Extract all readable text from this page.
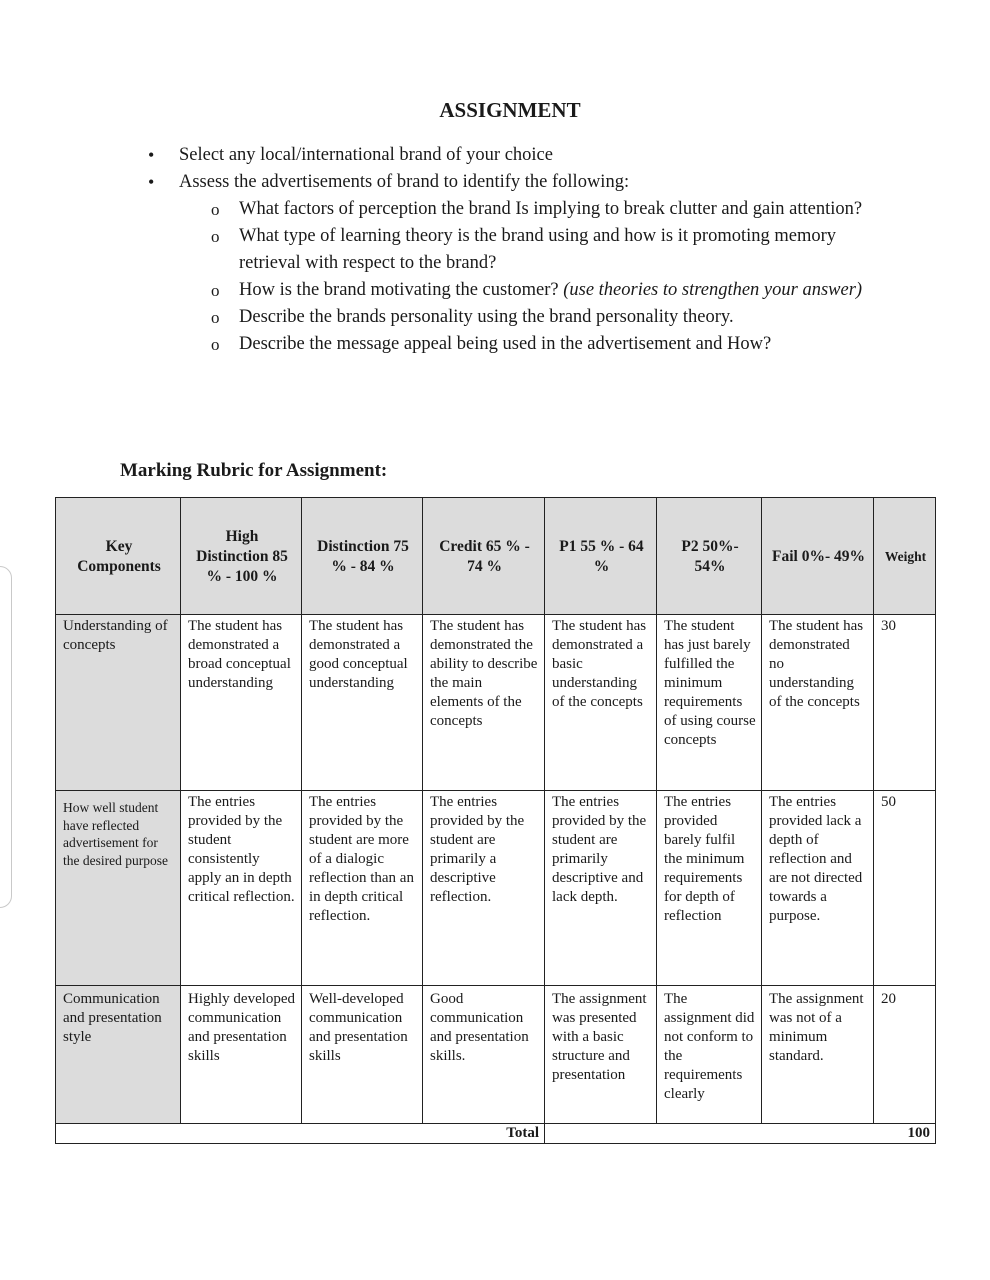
ASSIGNMENT
• Select any local/international brand of your choice
• Assess the advertisements of brand to identify the following:
o What factors of perception the brand Is implying to break clutter and gain attention?
o What type of learning theory is the brand using and how is it promoting memory retrieval with respect to the brand?
o How is the brand motivating the customer? (use theories to strengthen your answer)
o Describe the brands personality using the brand personality theory.
o Describe the message appeal being used in the advertisement and How?
Marking Rubric for Assignment:
Key Components	High Distinction 85 % - 100 %	Distinction 75 % - 84 %	Credit 65 % - 74 %	P1 55 % - 64 %	P2 50%- 54%	Fail 0%- 49%	Weight
Understanding of concepts	The student has demonstrated a broad conceptual understanding	The student has demonstrated a good conceptual understanding	The student has demonstrated the ability to describe the main elements of the concepts	The student has demonstrated a basic understanding of the concepts	The student has just barely fulfilled the minimum requirements of using course concepts	The student has demonstrated no understanding of the concepts	30
How well student have reflected advertisement for the desired purpose	The entries provided by the student consistently apply an in depth critical reflection.	The entries provided by the student are more of a dialogic reflection than an in depth critical reflection.	The entries provided by the student are primarily a descriptive reflection.	The entries provided by the student are primarily descriptive and lack depth.	The entries provided barely fulfil the minimum requirements for depth of reflection	The entries provided lack a depth of reflection and are not directed towards a purpose.	50
Communication and presentation style	Highly developed communication and presentation skills	Well-developed communication and presentation skills	Good communication and presentation skills.	The assignment was presented with a basic structure and presentation	The assignment did not conform to the requirements clearly	The assignment was not of a minimum standard.	20
	Total						100
